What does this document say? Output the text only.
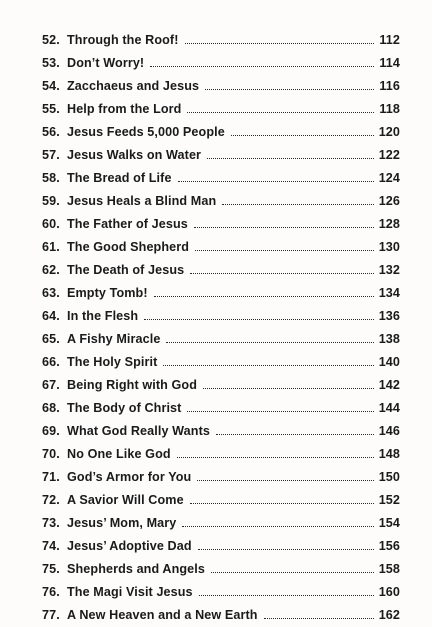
52. Through the Roof!	112
53. Don’t Worry!	114
54. Zacchaeus and Jesus	116
55. Help from the Lord	118
56. Jesus Feeds 5,000 People	120
57. Jesus Walks on Water	122
58. The Bread of Life	124
59. Jesus Heals a Blind Man	126
60. The Father of Jesus	128
61. The Good Shepherd	130
62. The Death of Jesus	132
63. Empty Tomb!	134
64. In the Flesh	136
65. A Fishy Miracle	138
66. The Holy Spirit	140
67. Being Right with God	142
68. The Body of Christ	144
69. What God Really Wants	146
70. No One Like God	148
71. God’s Armor for You	150
72. A Savior Will Come	152
73. Jesus’ Mom, Mary	154
74. Jesus’ Adoptive Dad	156
75. Shepherds and Angels	158
76. The Magi Visit Jesus	160
77. A New Heaven and a New Earth	162
